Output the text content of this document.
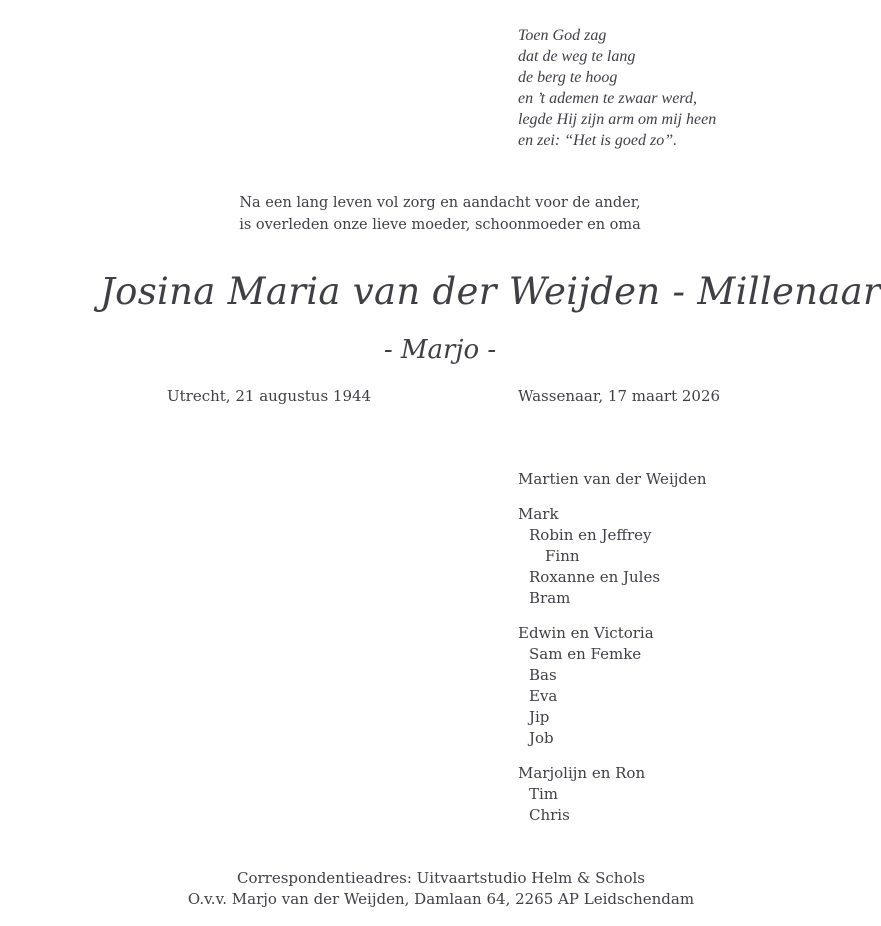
Toen God zag
dat de weg te lang
de berg te hoog
en ’t ademen te zwaar werd,
legde Hij zijn arm om mij heen
en zei: “Het is goed zo”.
Na een lang leven vol zorg en aandacht voor de ander,
is overleden onze lieve moeder, schoonmoeder en oma
Josina Maria van der Weijden - Millenaar
- Marjo -
Utrecht, 21 augustus 1944	Wassenaar, 17 maart 2026
Martien van der Weijden
Mark
Robin en Jeffrey
Finn
Roxanne en Jules
Bram
Edwin en Victoria
Sam en Femke
Bas
Eva
Jip
Job
Marjolijn en Ron
Tim
Chris
Correspondentieadres: Uitvaartstudio Helm & Schols
O.v.v. Marjo van der Weijden, Damlaan 64, 2265 AP Leidschendam
